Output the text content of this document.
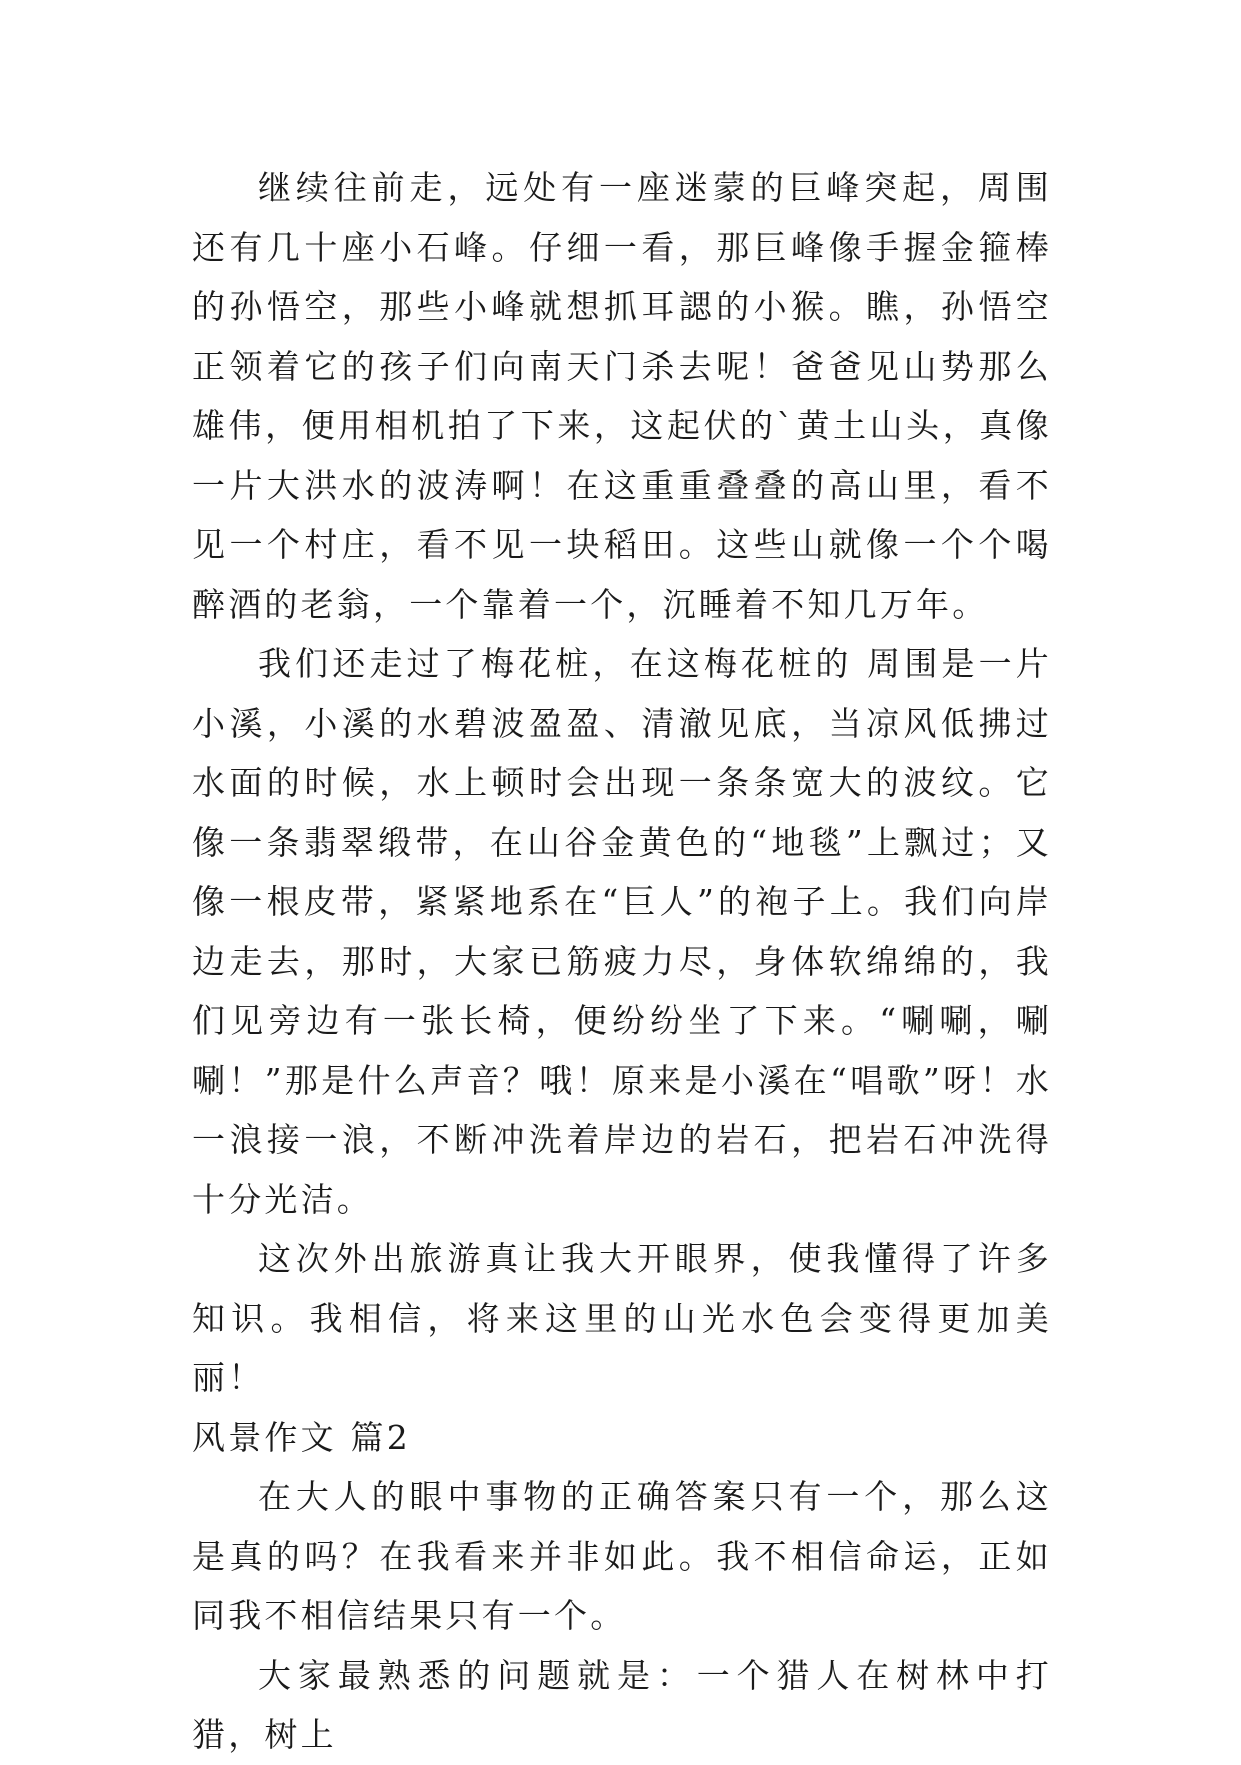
继续往前走，远处有一座迷蒙的巨峰突起，周围还有几十座小石峰。仔细一看，那巨峰像手握金箍棒的孙悟空，那些小峰就想抓耳諰的小猴。瞧，孙悟空正领着它的孩子们向南天门杀去呢！爸爸见山势那么雄伟，便用相机拍了下来，这起伏的`黄土山头，真像一片大洪水的波涛啊！在这重重叠叠的高山里，看不见一个村庄，看不见一块稻田。这些山就像一个个喝醉酒的老翁，一个靠着一个，沉睡着不知几万年。

我们还走过了梅花桩，在这梅花桩的 周围是一片小溪，小溪的水碧波盈盈、清澈见底，当凉风低拂过水面的时候，水上顿时会出现一条条宽大的波纹。它像一条翡翠缎带，在山谷金黄色的“地毯”上飘过；又像一根皮带，紧紧地系在“巨人”的袍子上。我们向岸边走去，那时，大家已筋疲力尽，身体软绵绵的，我们见旁边有一张长椅，便纷纷坐了下来。“唰唰，唰唰！”那是什么声音？哦！原来是小溪在“唱歌”呀！水一浪接一浪，不断冲洗着岸边的岩石，把岩石冲洗得十分光洁。

这次外出旅游真让我大开眼界，使我懂得了许多知识。我相信，将来这里的山光水色会变得更加美丽！

风景作文 篇2

在大人的眼中事物的正确答案只有一个，那么这是真的吗？在我看来并非如此。我不相信命运，正如同我不相信结果只有一个。

大家最熟悉的问题就是：一个猎人在树林中打猎，树上
